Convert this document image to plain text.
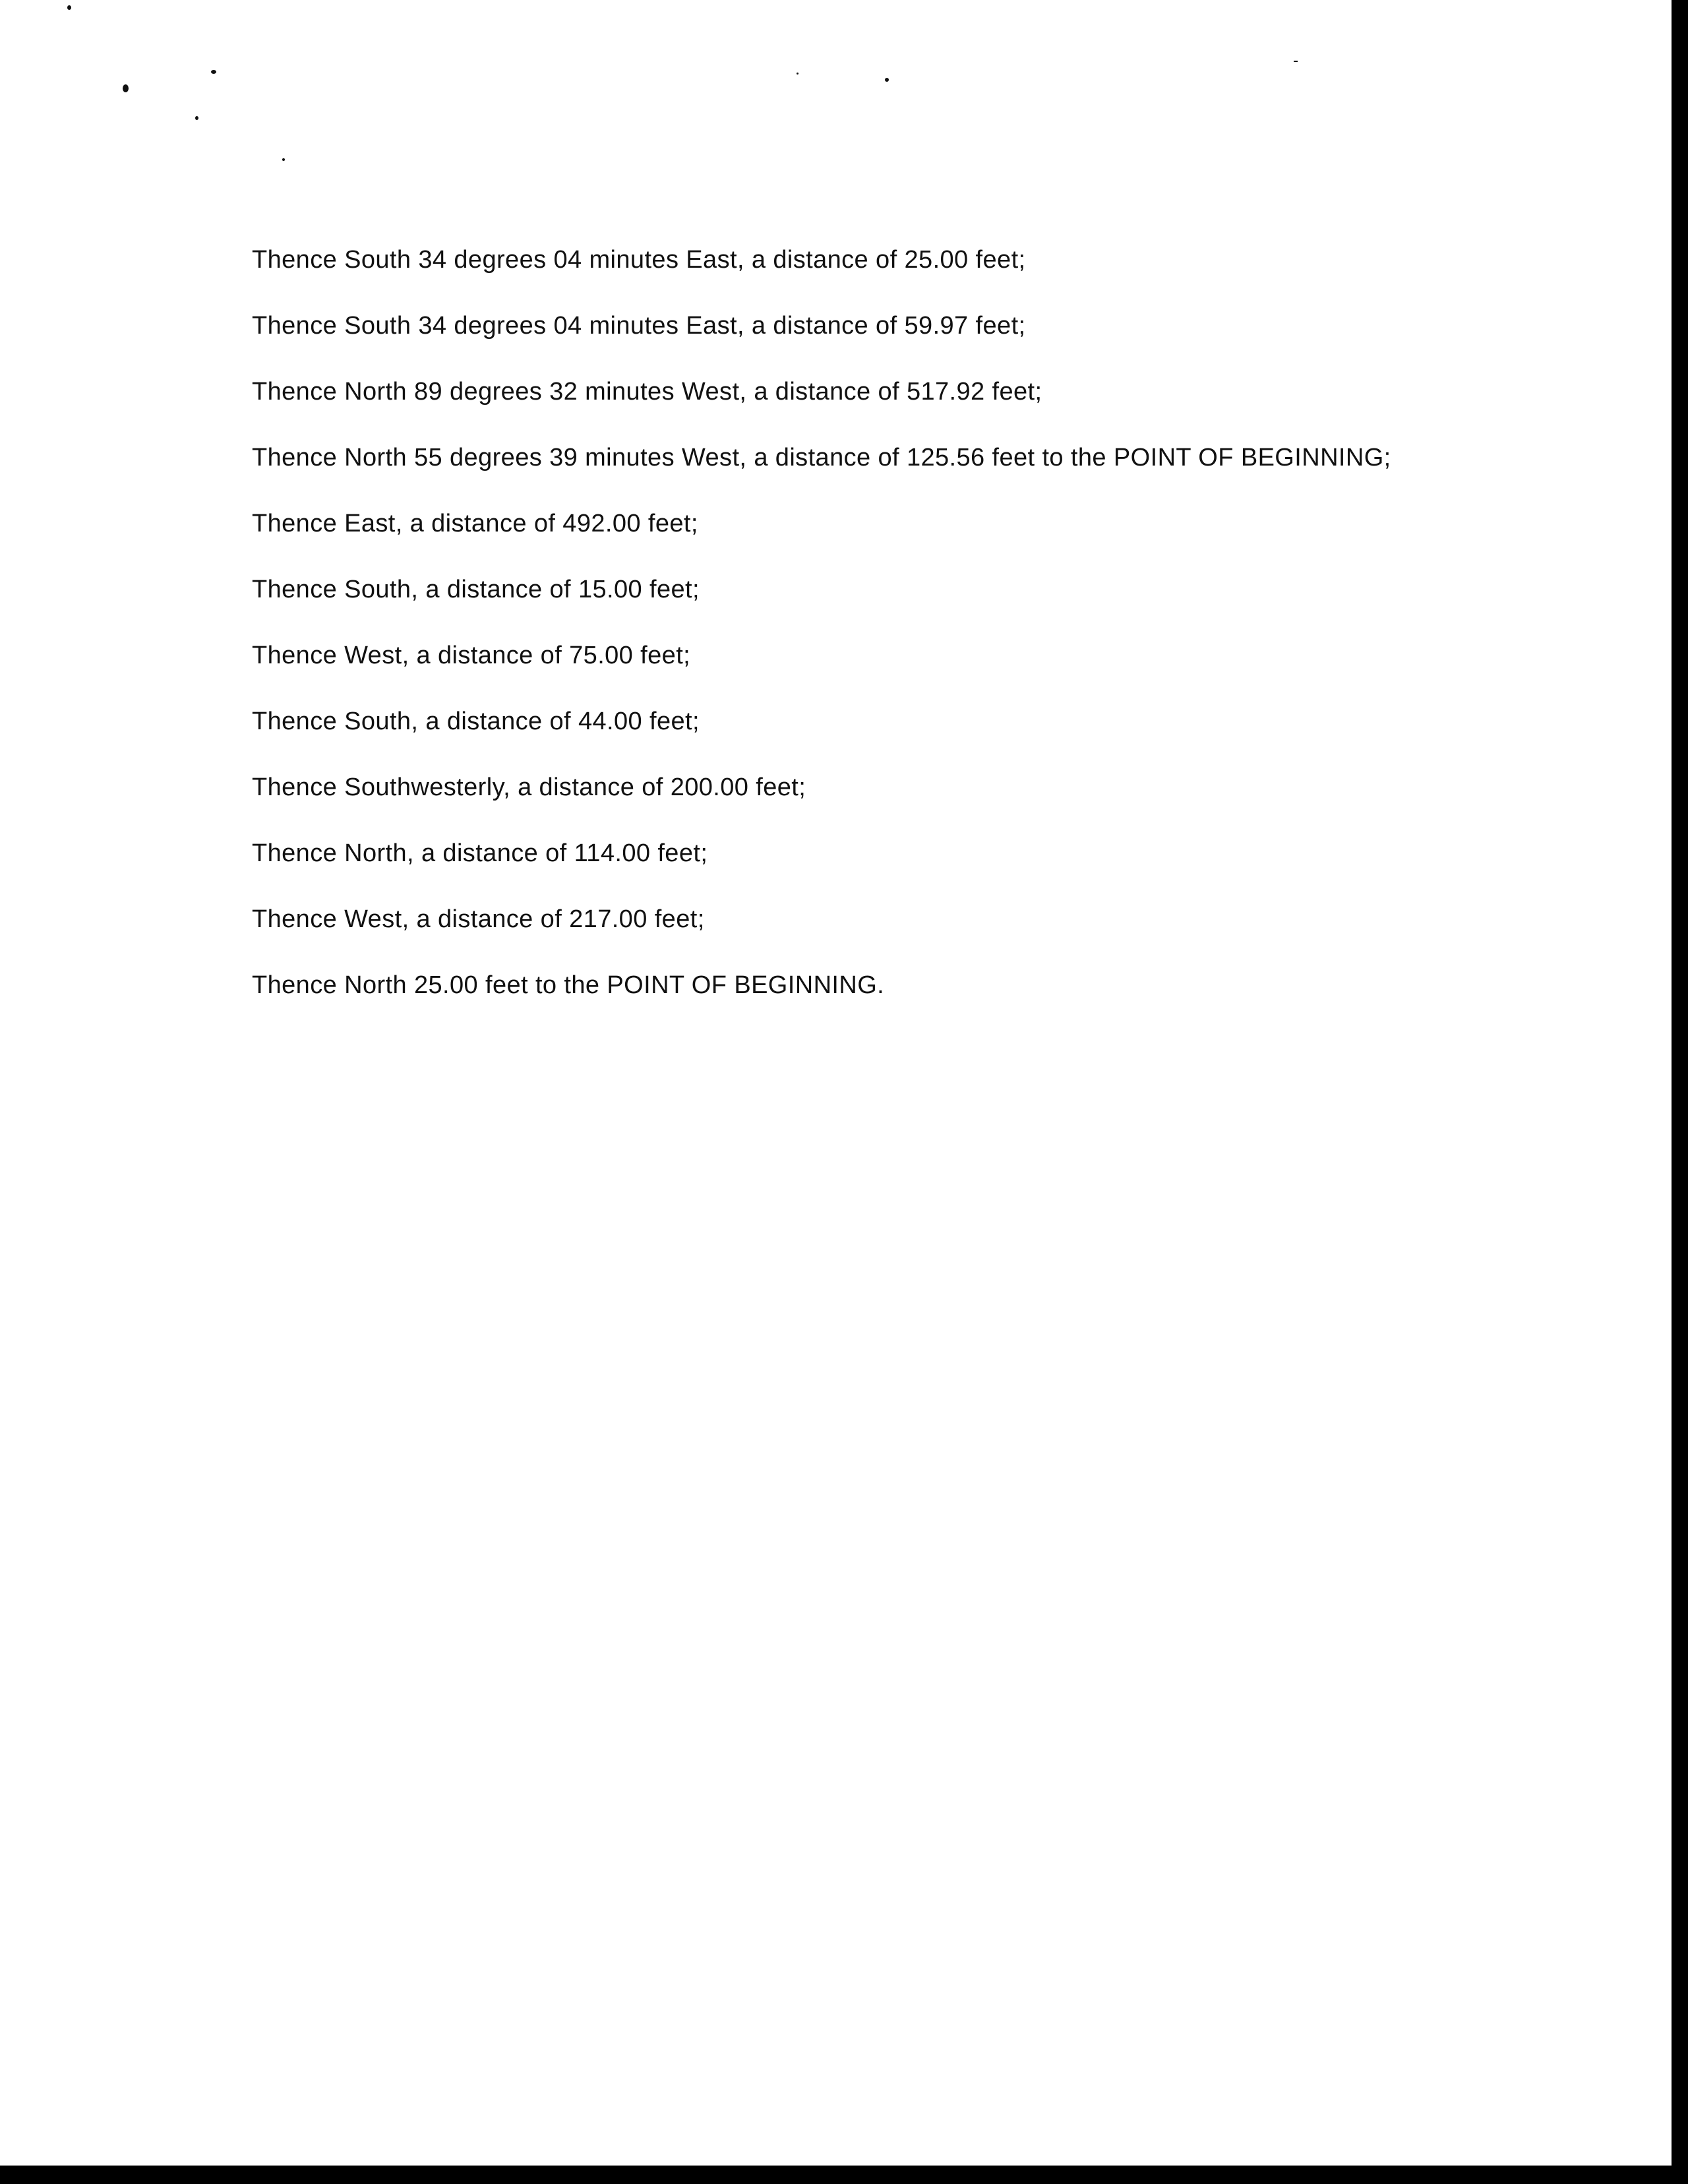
Thence South 34 degrees 04 minutes East, a distance of 25.00 feet;

Thence South 34 degrees 04 minutes East, a distance of 59.97 feet;

Thence North 89 degrees 32 minutes West, a distance of 517.92 feet;

Thence North 55 degrees 39 minutes West, a distance of 125.56 feet to the POINT OF BEGINNING;

Thence East, a distance of 492.00 feet;

Thence South, a distance of 15.00 feet;

Thence West, a distance of 75.00 feet;

Thence South, a distance of 44.00 feet;

Thence Southwesterly, a distance of 200.00 feet;

Thence North, a distance of 114.00 feet;

Thence West, a distance of 217.00 feet;

Thence North 25.00 feet to the POINT OF BEGINNING.
